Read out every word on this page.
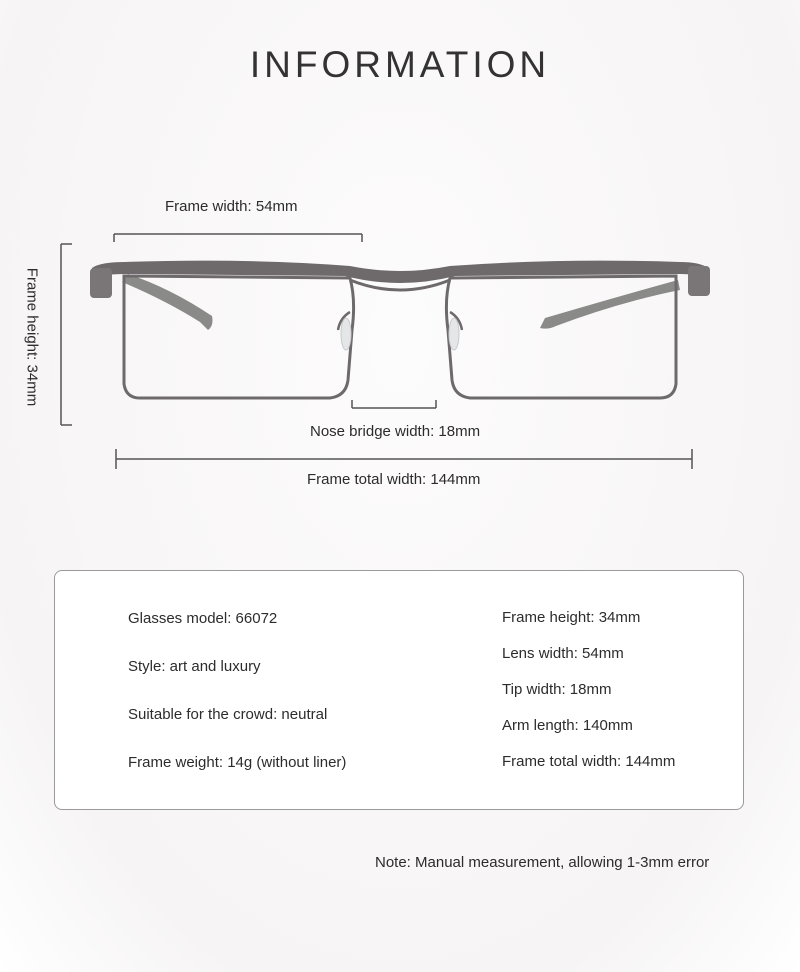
INFORMATION
Frame width: 54mm
Frame height: 34mm
Nose bridge width: 18mm
Frame total width: 144mm
Glasses model: 66072
Style: art and luxury
Suitable for the crowd: neutral
Frame weight: 14g (without liner)
Frame height: 34mm
Lens width: 54mm
Tip width: 18mm
Arm length: 140mm
Frame total width: 144mm
Note: Manual measurement, allowing 1-3mm error
